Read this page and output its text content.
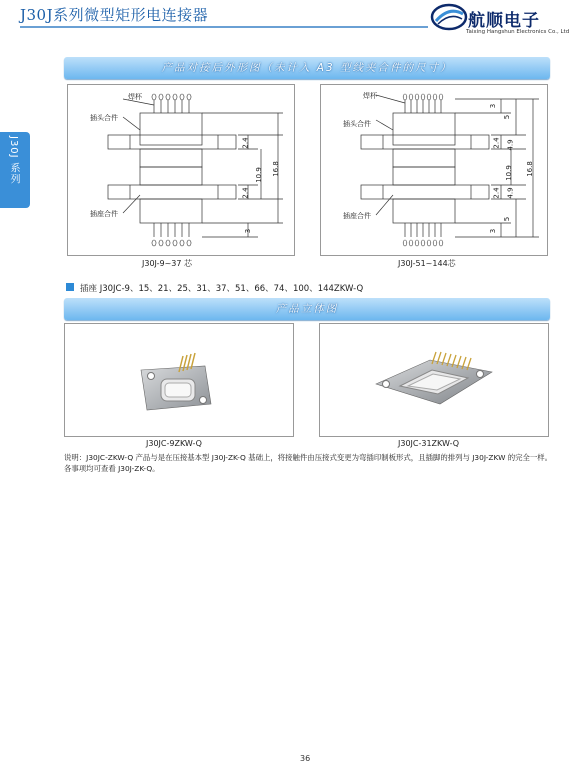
J30J系列微型矩形电连接器	航顺电子
Taixing Hangshun Electronics Co., Ltd
J30J 系列
产品对接后外形图（未计入 A3 型线夹合件的尺寸）
焊杯
插头合件
插座合件
2.4
2.4
10.9 16.8
3
J30J-9~37 芯
焊杯
插头合件
插座合件
3
5
2.4 4.9
10.9 16.8
2.4 4.9
3
5
J30J-51~144芯
插座 J30JC-9、15、21、25、31、37、51、66、74、100、144ZKW-Q
产品立体图
J30JC-9ZKW-Q	J30JC-31ZKW-Q
说明：J30JC-ZKW-Q 产品与是在压接基本型 J30J-ZK-Q 基础上，将接触件由压接式变更为弯插印制板形式，且插脚的排列与 J30J-ZKW 的完全一样。各事项均可查看 J30J-ZK-Q。
36
